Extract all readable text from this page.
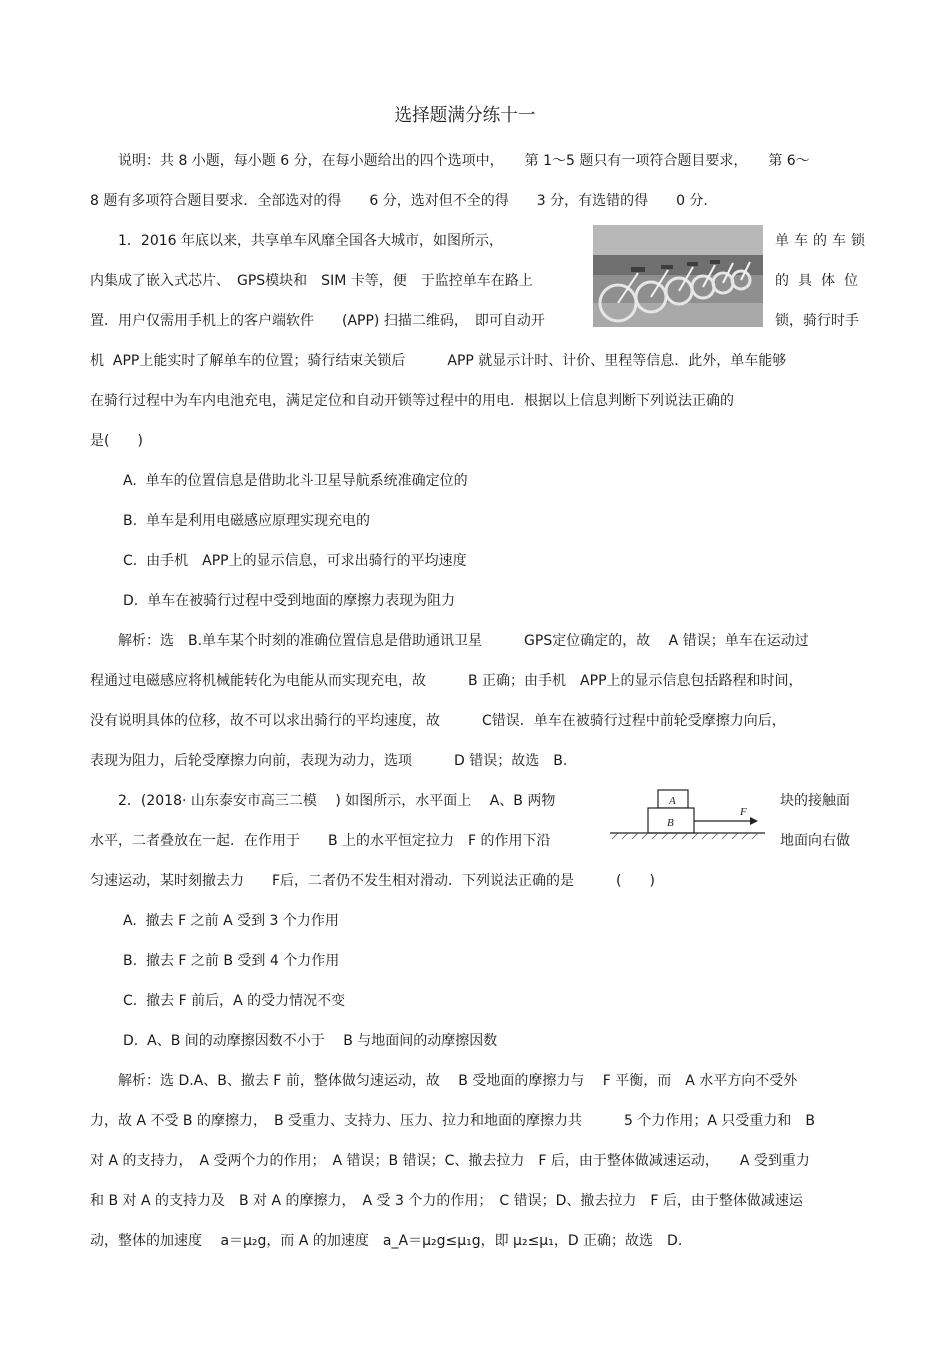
选择题满分练十一
说明：共 8 小题，每小题 6 分，在每小题给出的四个选项中，　　第 1～5 题只有一项符合题目要求，　　第 6～
8 题有多项符合题目要求．全部选对的得　　6 分，选对但不全的得　　3 分，有选错的得　　0 分.
1．2016 年底以来，共享单车风靡全国各大城市，如图所示，	单车的车锁
内集成了嵌入式芯片、　GPS模块和　SIM 卡等，便　于监控单车在路上	的具体位
置．用户仅需用手机上的客户端软件　　(APP) 扫描二维码，　即可自动开	锁，骑行时手
机  APP上能实时了解单车的位置；骑行结束关锁后　　　APP 就显示计时、计价、里程等信息．此外，单车能够
在骑行过程中为车内电池充电，满足定位和自动开锁等过程中的用电．根据以上信息判断下列说法正确的
是(　　)
A.  单车的位置信息是借助北斗卫星导航系统准确定位的
B.  单车是利用电磁感应原理实现充电的
C.  由手机　APP上的显示信息，可求出骑行的平均速度
D.  单车在被骑行过程中受到地面的摩擦力表现为阻力
解析：选　B.单车某个时刻的准确位置信息是借助通讯卫星　　　GPS定位确定的，故　 A 错误；单车在运动过
程通过电磁感应将机械能转化为电能从而实现充电，故　　　B 正确；由手机　APP上的显示信息包括路程和时间，
没有说明具体的位移，故不可以求出骑行的平均速度，故　　　C错误．单车在被骑行过程中前轮受摩擦力向后，
表现为阻力，后轮受摩擦力向前，表现为动力，选项　　　D 错误；故选　B.
2．(2018· 山东泰安市高三二模　 ) 如图所示，水平面上　 A、B 两物	块的接触面
水平，二者叠放在一起．在作用于　　B 上的水平恒定拉力　F 的作用下沿	地面向右做
匀速运动，某时刻撤去力　　F后，二者仍不发生相对滑动．下列说法正确的是　　　(　　)
A
B
F
A.  撤去 F 之前 A 受到 3 个力作用
B.  撤去 F 之前 B 受到 4 个力作用
C.  撤去 F 前后，A 的受力情况不变
D.  A、B 间的动摩擦因数不小于　 B 与地面间的动摩擦因数
解析：选 D.A、B、撤去 F 前，整体做匀速运动，故　 B 受地面的摩擦力与　 F 平衡，而　A 水平方向不受外
力，故 A 不受 B 的摩擦力，　B 受重力、支持力、压力、拉力和地面的摩擦力共　　　5 个力作用；A 只受重力和　B
对 A 的支持力，　A 受两个力的作用；　A 错误；B 错误；C、撤去拉力　F 后，由于整体做减速运动，　　A 受到重力
和 B 对 A 的支持力及　B 对 A 的摩擦力，　A 受 3 个力的作用；　C 错误；D、撤去拉力　F 后，由于整体做减速运
动，整体的加速度　 a＝μ₂g，而 A 的加速度　a_A＝μ₂g≤μ₁g，即 μ₂≤μ₁，D 正确；故选　D.
